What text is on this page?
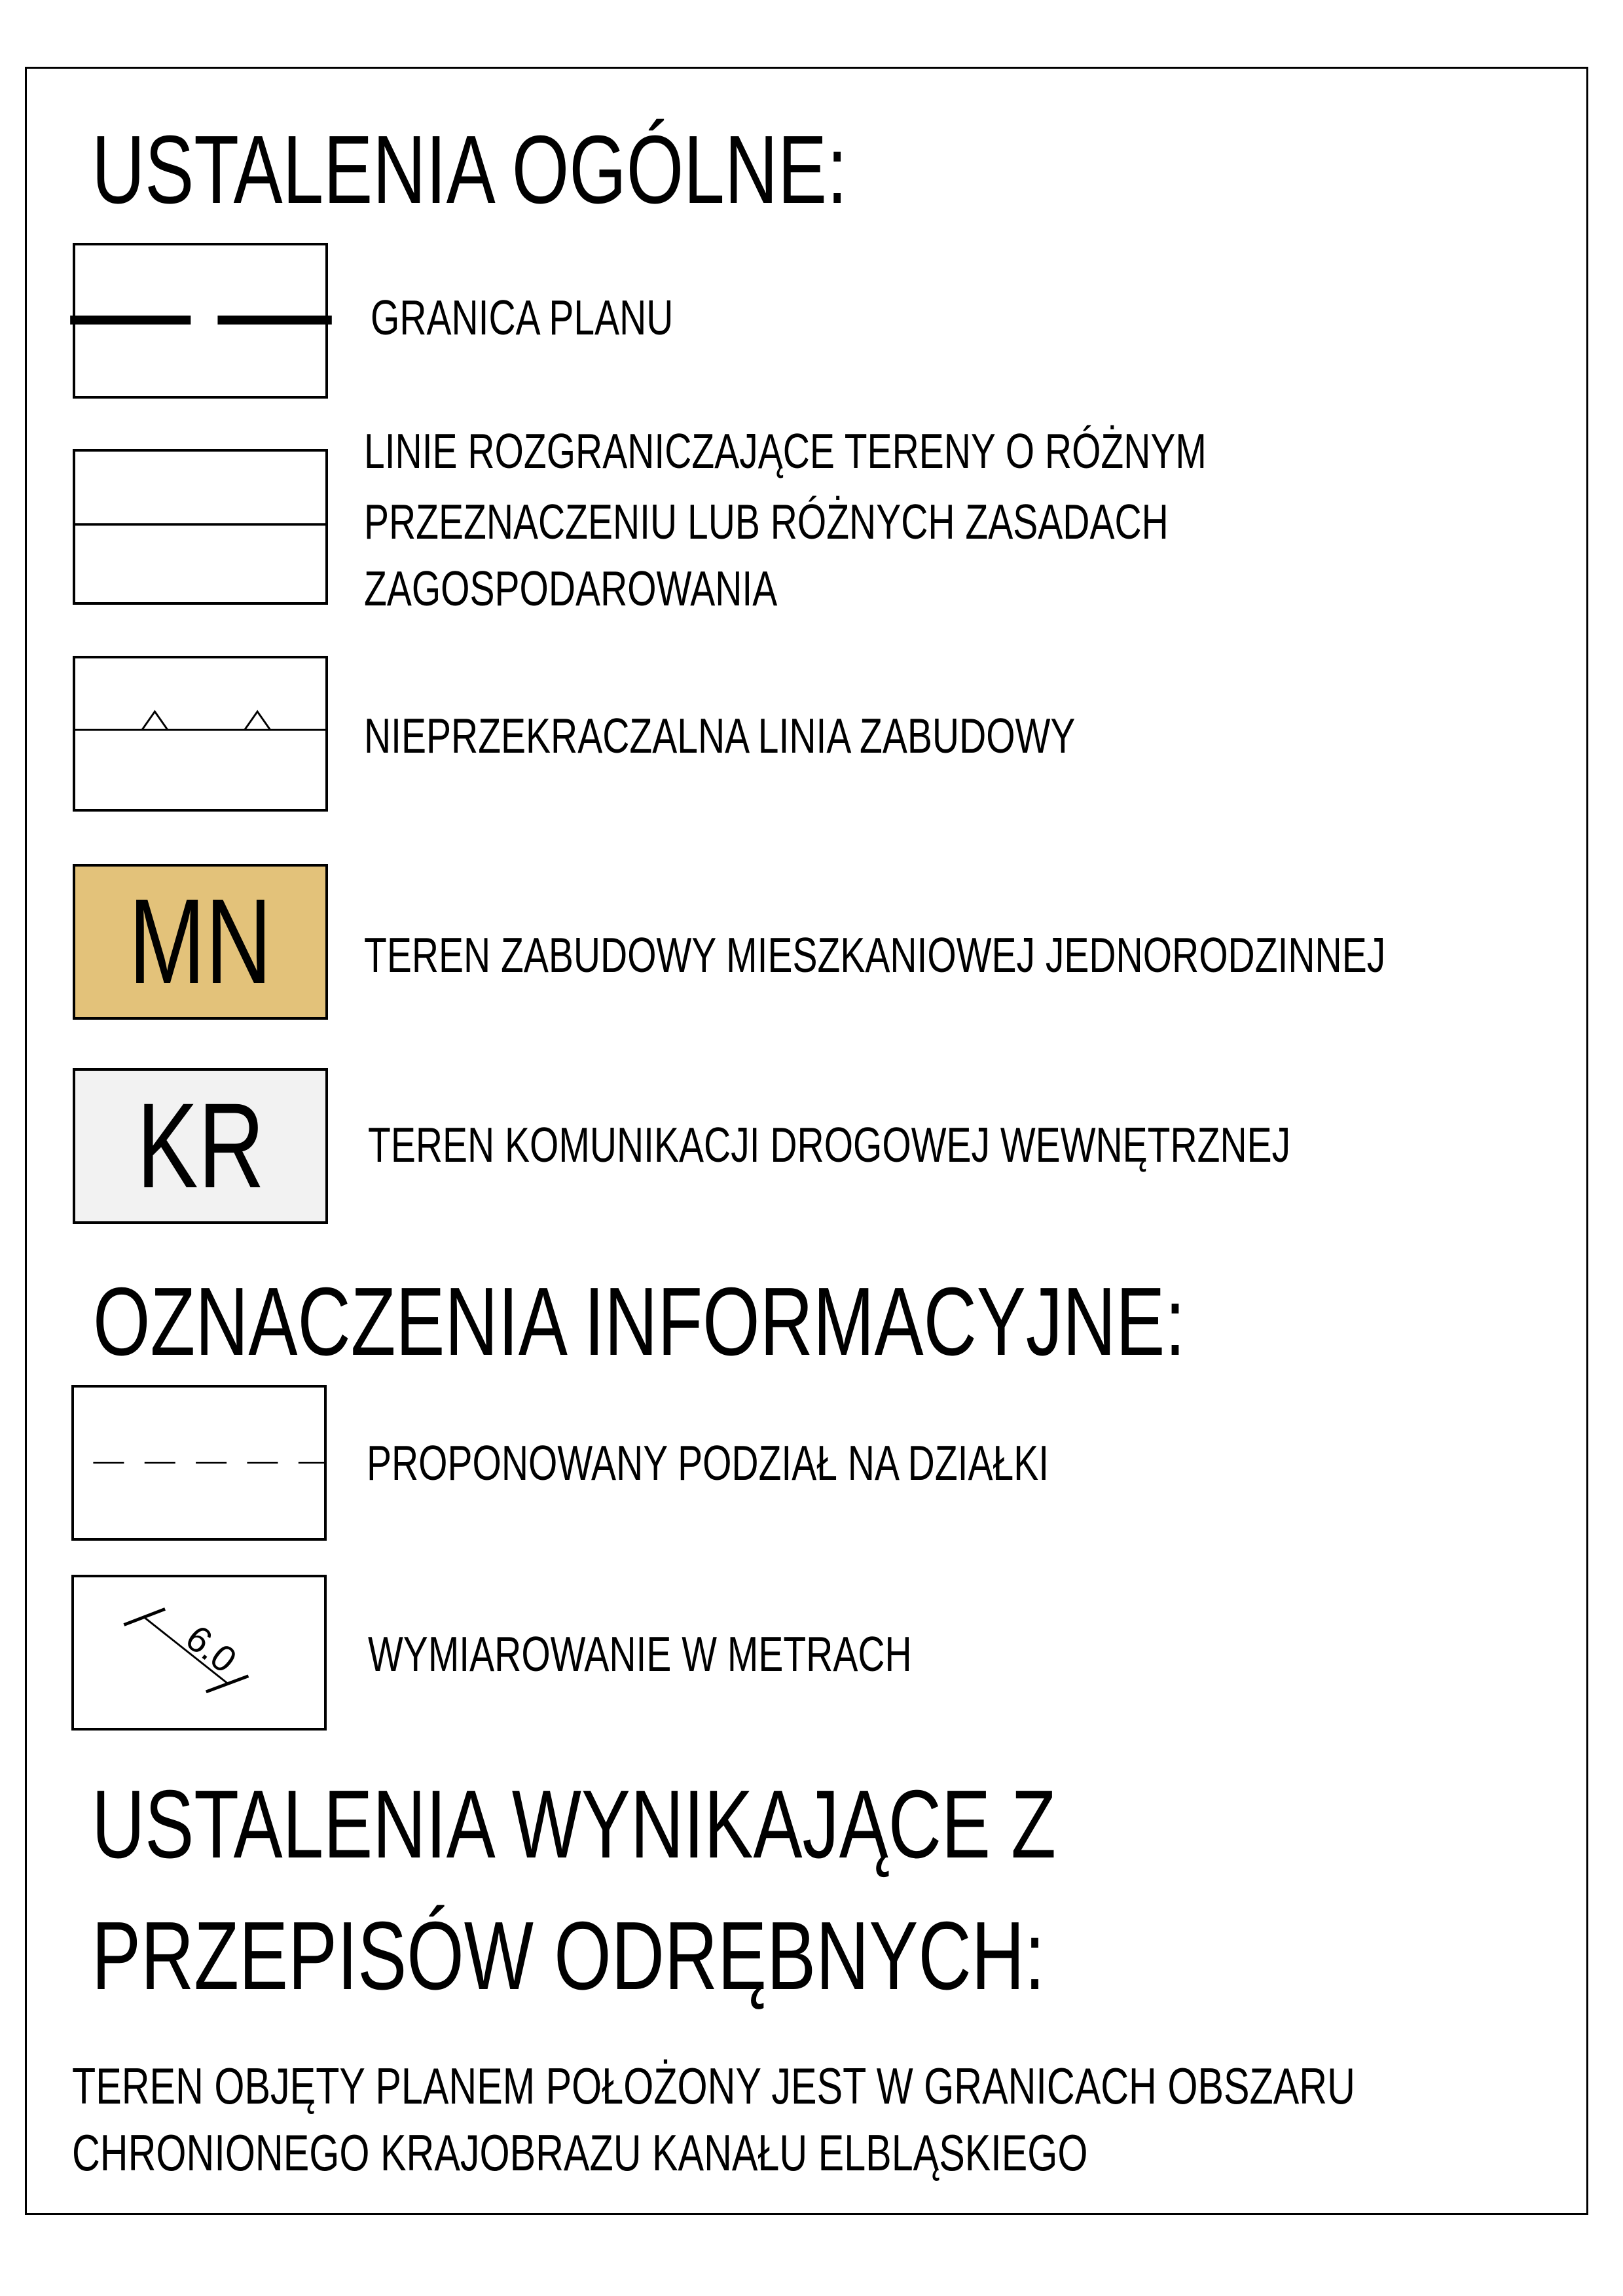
USTALENIA OGÓLNE:
GRANICA PLANU
LINIE ROZGRANICZAJĄCE TERENY O RÓŻNYM
PRZEZNACZENIU LUB RÓŻNYCH ZASADACH
ZAGOSPODAROWANIA
NIEPRZEKRACZALNA LINIA ZABUDOWY
MN TEREN ZABUDOWY MIESZKANIOWEJ JEDNORODZINNEJ
KR TEREN KOMUNIKACJI DROGOWEJ WEWNĘTRZNEJ
OZNACZENIA INFORMACYJNE:
PROPONOWANY PODZIAŁ NA DZIAŁKI
6.0	WYMIAROWANIE W METRACH
USTALENIA WYNIKAJĄCE Z
PRZEPISÓW ODRĘBNYCH:
TEREN OBJĘTY PLANEM POŁOŻONY JEST W GRANICACH OBSZARU
CHRONIONEGO KRAJOBRAZU KANAŁU ELBLĄSKIEGO
